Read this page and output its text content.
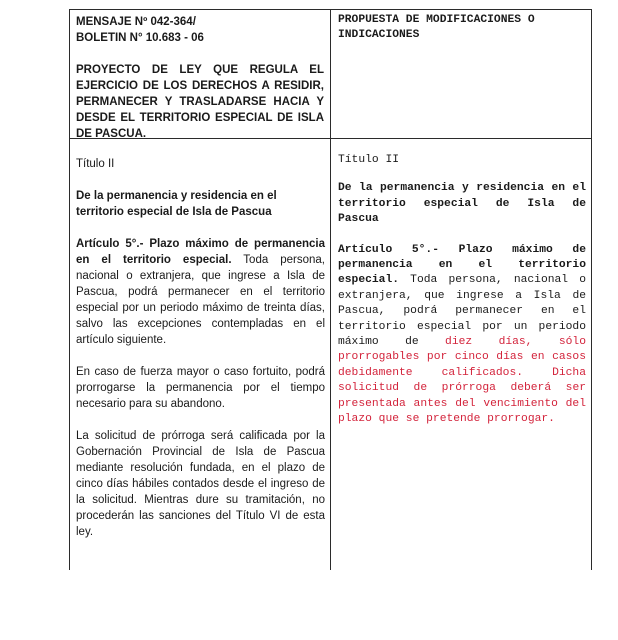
MENSAJE Nº 042-364/

BOLETIN N° 10.683 - 06

PROYECTO DE LEY QUE REGULA EL EJERCICIO DE LOS DERECHOS A RESIDIR, PERMANECER Y TRASLADARSE HACIA Y DESDE EL TERRITORIO ESPECIAL DE ISLA DE PASCUA.

PROPUESTA DE MODIFICACIONES O INDICACIONES

Título II

De la permanencia y residencia en el territorio especial de Isla de Pascua

Artículo 5°.- Plazo máximo de permanencia en el territorio especial. Toda persona, nacional o extranjera, que ingrese a Isla de Pascua, podrá permanecer en el territorio especial por un periodo máximo de treinta días, salvo las excepciones contempladas en el artículo siguiente.

En caso de fuerza mayor o caso fortuito, podrá prorrogarse la permanencia por el tiempo necesario para su abandono.

La solicitud de prórroga será calificada por la Gobernación Provincial de Isla de Pascua mediante resolución fundada, en el plazo de cinco días hábiles contados desde el ingreso de la solicitud. Mientras dure su tramitación, no procederán las sanciones del Título VI de esta ley.

Título II

De la permanencia y residencia en el territorio especial de Isla de Pascua

Artículo 5°.- Plazo máximo de permanencia en el territorio especial. Toda persona, nacional o extranjera, que ingrese a Isla de Pascua, podrá permanecer en el territorio especial por un periodo máximo de diez días, sólo prorrogables por cinco días en casos debidamente calificados. Dicha solicitud de prórroga deberá ser presentada antes del vencimiento del plazo que se pretende prorrogar.
